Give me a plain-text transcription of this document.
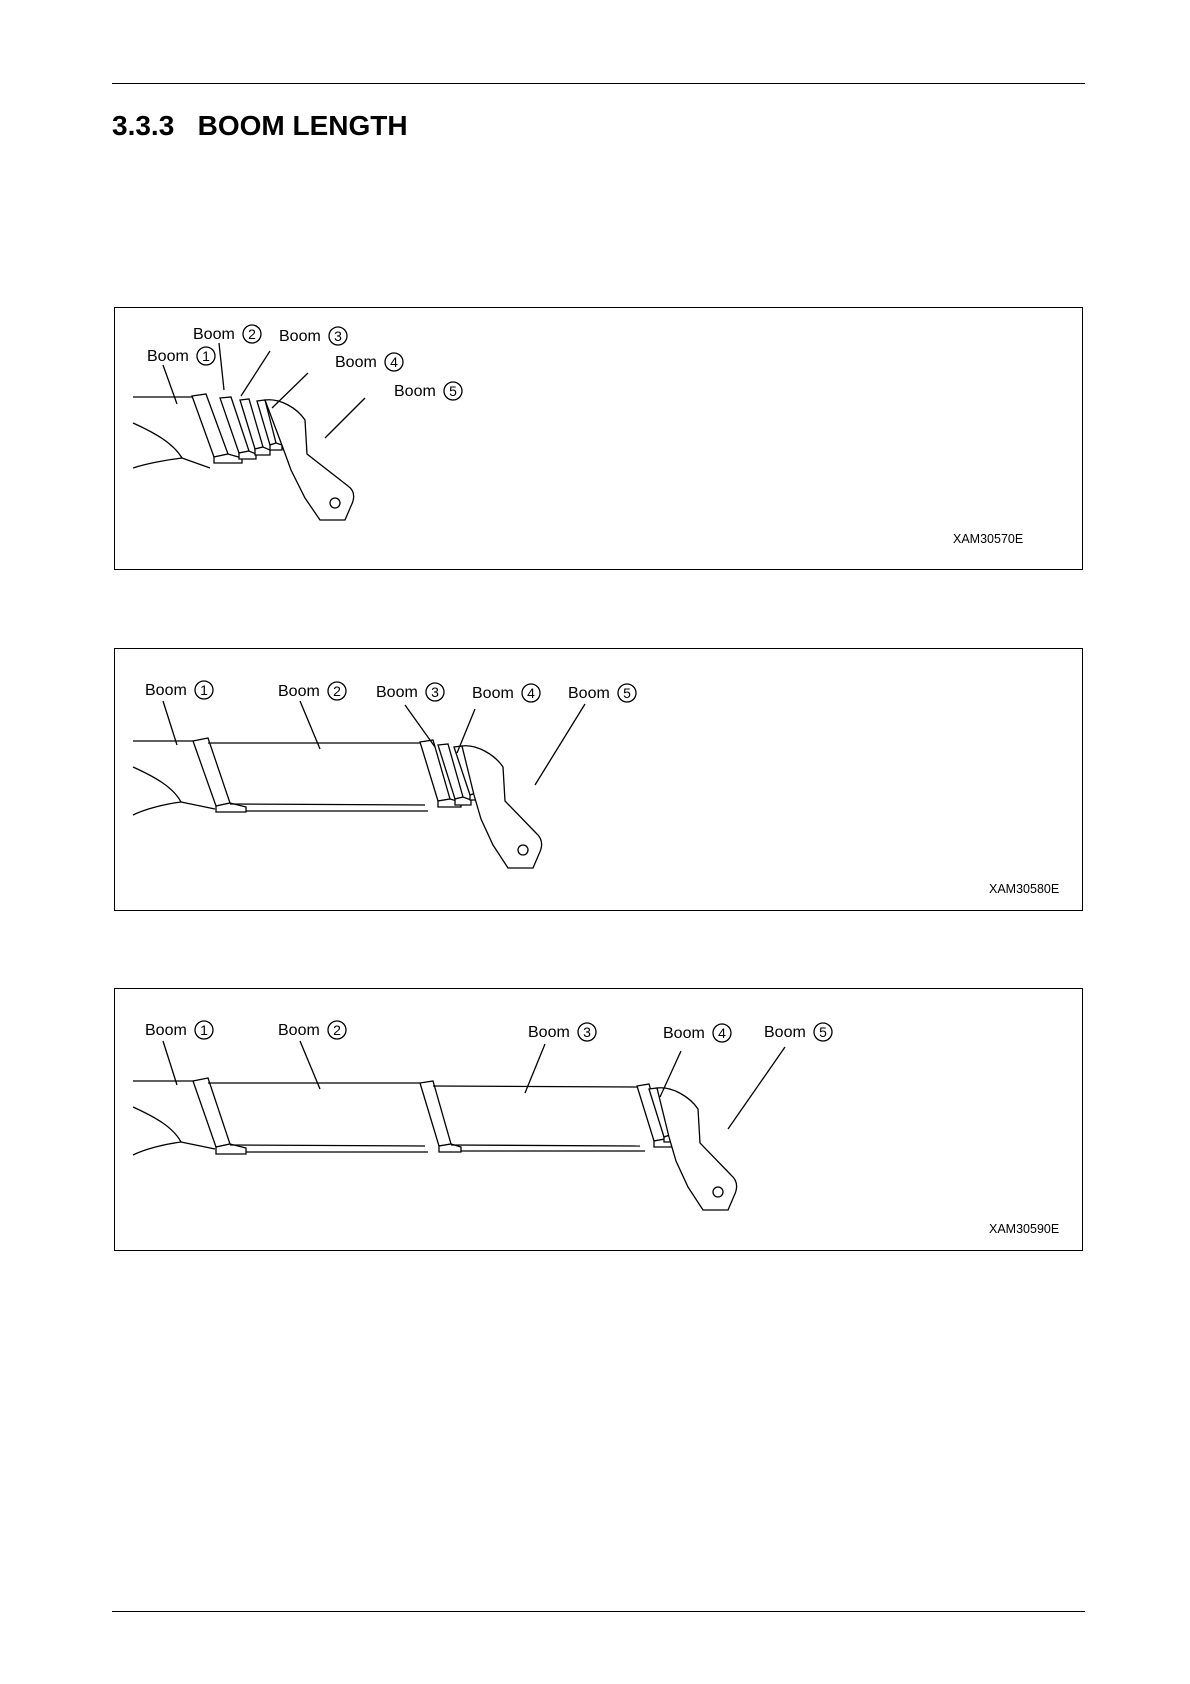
3.3.3   BOOM LENGTH
Boom 1
Boom 2 Boom 3
Boom 4
Boom 5
XAM30570E
Boom 1	Boom 2 Boom 3 Boom 4 Boom 5
XAM30580E
Boom 1	Boom 2	Boom 3	Boom 4 Boom 5
XAM30590E
